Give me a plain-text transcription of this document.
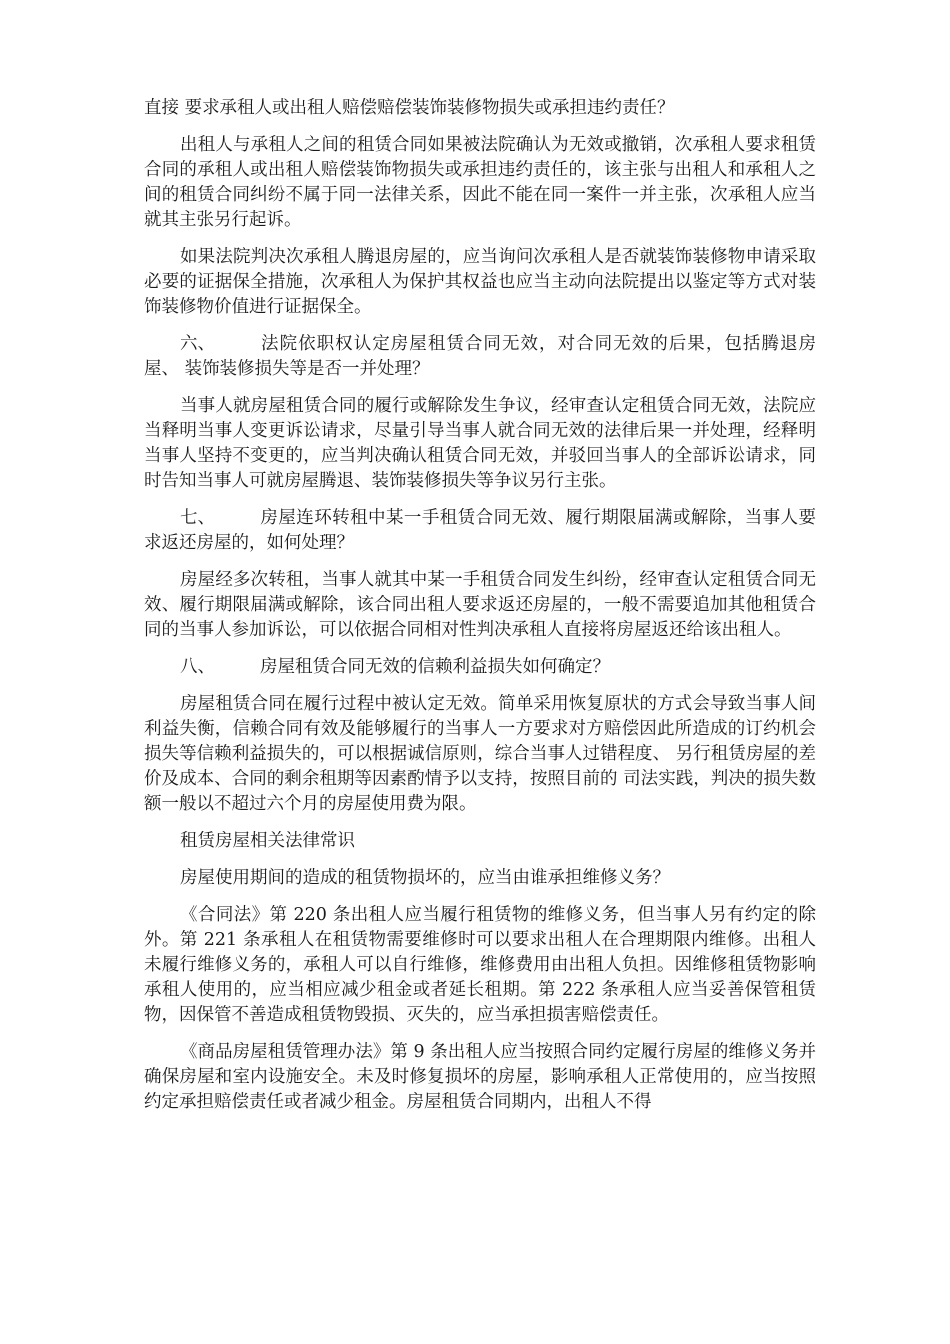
直接 要求承租人或出租人赔偿赔偿装饰装修物损失或承担违约责任？

出租人与承租人之间的租赁合同如果被法院确认为无效或撤销，次承租人要求租赁合同的承租人或出租人赔偿装饰物损失或承担违约责任的，该主张与出租人和承租人之间的租赁合同纠纷不属于同一法律关系，因此不能在同一案件一并主张，次承租人应当就其主张另行起诉。

如果法院判决次承租人腾退房屋的，应当询问次承租人是否就装饰装修物申请采取必要的证据保全措施，次承租人为保护其权益也应当主动向法院提出以鉴定等方式对装饰装修物价值进行证据保全。

六、	法院依职权认定房屋租赁合同无效，对合同无效的后果，包括腾退房屋、 装饰装修损失等是否一并处理？

当事人就房屋租赁合同的履行或解除发生争议，经审查认定租赁合同无效，法院应当释明当事人变更诉讼请求，尽量引导当事人就合同无效的法律后果一并处理，经释明当事人坚持不变更的，应当判决确认租赁合同无效，并驳回当事人的全部诉讼请求，同时告知当事人可就房屋腾退、装饰装修损失等争议另行主张。

七、	房屋连环转租中某一手租赁合同无效、履行期限届满或解除，当事人要 求返还房屋的，如何处理？

房屋经多次转租，当事人就其中某一手租赁合同发生纠纷，经审查认定租赁合同无效、履行期限届满或解除，该合同出租人要求返还房屋的，一般不需要追加其他租赁合同的当事人参加诉讼，可以依据合同相对性判决承租人直接将房屋返还给该出租人。

八、	房屋租赁合同无效的信赖利益损失如何确定？

房屋租赁合同在履行过程中被认定无效。简单采用恢复原状的方式会导致当事人间利益失衡，信赖合同有效及能够履行的当事人一方要求对方赔偿因此所造成的订约机会损失等信赖利益损失的，可以根据诚信原则，综合当事人过错程度、 另行租赁房屋的差价及成本、合同的剩余租期等因素酌情予以支持，按照目前的 司法实践，判决的损失数额一般以不超过六个月的房屋使用费为限。

租赁房屋相关法律常识

房屋使用期间的造成的租赁物损坏的，应当由谁承担维修义务？

《合同法》第 220 条出租人应当履行租赁物的维修义务，但当事人另有约定的除外。第 221 条承租人在租赁物需要维修时可以要求出租人在合理期限内维修。出租人未履行维修义务的，承租人可以自行维修，维修费用由出租人负担。因维修租赁物影响承租人使用的，应当相应减少租金或者延长租期。第 222 条承租人应当妥善保管租赁物，因保管不善造成租赁物毁损、灭失的，应当承担损害赔偿责任。

《商品房屋租赁管理办法》第 9 条出租人应当按照合同约定履行房屋的维修义务并确保房屋和室内设施安全。未及时修复损坏的房屋，影响承租人正常使用的，应当按照约定承担赔偿责任或者减少租金。房屋租赁合同期内，出租人不得
